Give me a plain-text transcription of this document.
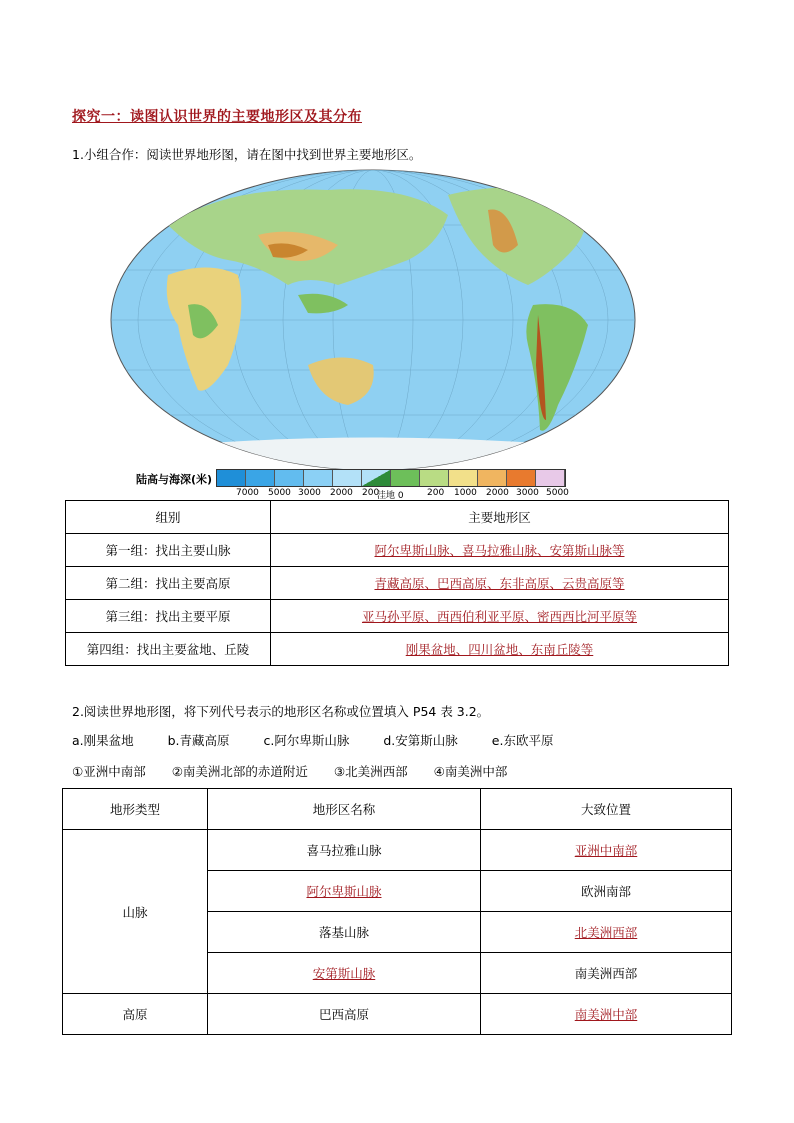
探究一：读图认识世界的主要地形区及其分布
1.小组合作：阅读世界地形图，请在图中找到世界主要地形区。
陆高与海深(米)
7000 5000 3000 2000 200
洼地 0	200 1000 2000 3000 5000
组别	主要地形区
第一组：找出主要山脉	阿尔卑斯山脉、喜马拉雅山脉、安第斯山脉等
第二组：找出主要高原	青藏高原、巴西高原、东非高原、云贵高原等
第三组：找出主要平原	亚马孙平原、西西伯利亚平原、密西西比河平原等
第四组：找出主要盆地、丘陵	刚果盆地、四川盆地、东南丘陵等
2.阅读世界地形图，将下列代号表示的地形区名称或位置填入 P54 表 3.2。
a.刚果盆地	b.青藏高原	c.阿尔卑斯山脉	d.安第斯山脉	e.东欧平原
①亚洲中南部 ②南美洲北部的赤道附近 ③北美洲西部 ④南美洲中部
地形类型	地形区名称	大致位置
山脉	喜马拉雅山脉	亚洲中南部
	阿尔卑斯山脉	欧洲南部
	落基山脉	北美洲西部
	安第斯山脉	南美洲西部
高原	巴西高原	南美洲中部
